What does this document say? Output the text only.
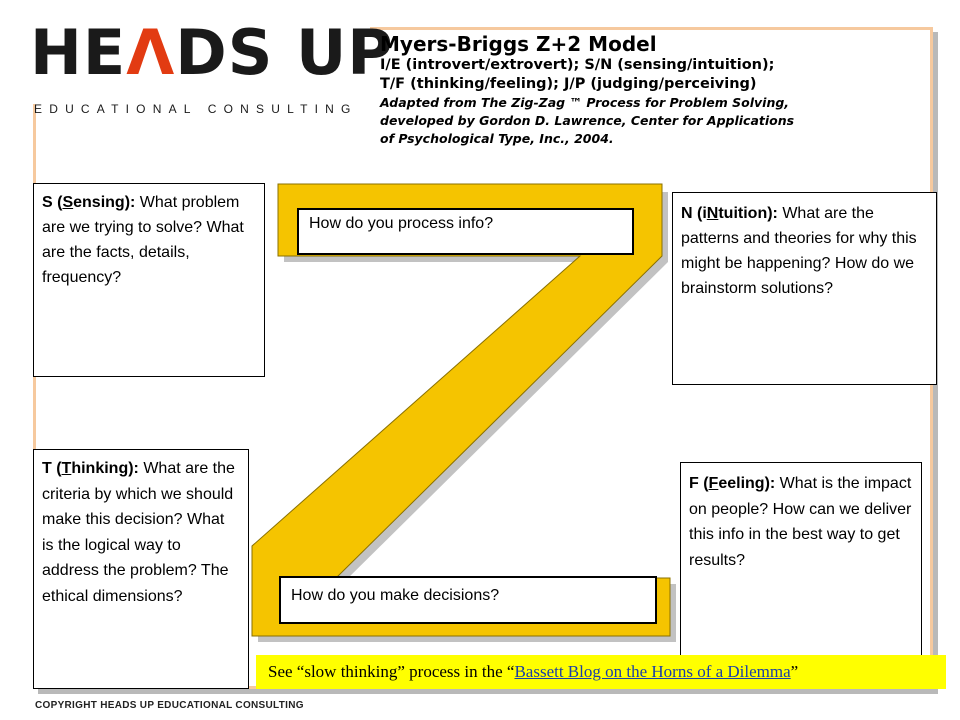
HEΛDS UP
EDUCATIONAL CONSULTING
Myers-Briggs Z+2 Model
I/E (introvert/extrovert); S/N (sensing/intuition);
T/F (thinking/feeling); J/P (judging/perceiving)
Adapted from The Zig-Zag ™ Process for Problem Solving,
developed by Gordon D. Lawrence, Center for Applications
of Psychological Type, Inc., 2004.
How do you process info?
How do you make decisions?
S (Sensing): What problem are we trying to solve? What are the facts, details, frequency?
N (iNtuition): What are the patterns and theories for why this might be happening? How do we brainstorm solutions?
T (Thinking): What are the criteria by which we should make this decision? What is the logical way to address the problem? The ethical dimensions?
F (Feeling): What is the impact on people? How can we deliver this info in the best way to get results?
See “slow thinking” process in the “Bassett Blog on the Horns of a Dilemma”
COPYRIGHT HEADS UP EDUCATIONAL CONSULTING
